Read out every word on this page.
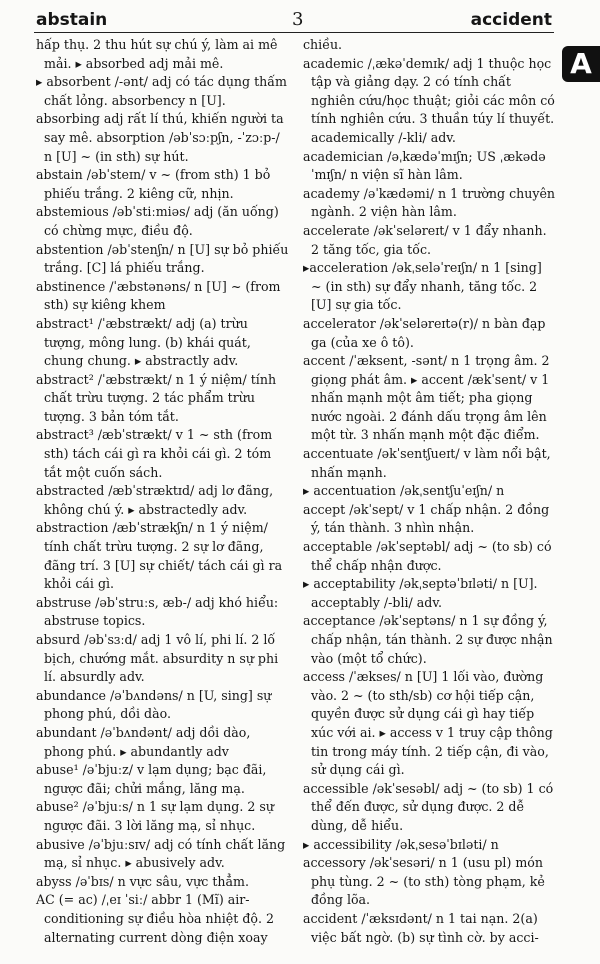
abstain	3	accident
A

hấp thụ. 2 thu hút sự chú ý, làm ai mê mải. ▸ absorbed adj mải mê.

▸ absorbent /-ənt/ adj có tác dụng thấm chất lỏng. absorbency n [U].

absorbing adj rất lí thú, khiến người ta say mê. absorption /əbˈsɔːpʃn, -ˈzɔːp-/ n [U] ~ (in sth) sự hút.

abstain /əbˈsteɪn/ v ~ (from sth) 1 bỏ phiếu trắng. 2 kiêng cữ, nhịn.

abstemious /əbˈstiːmiəs/ adj (ăn uống) có chừng mực, điều độ.

abstention /əbˈstenʃn/ n [U] sự bỏ phiếu trắng. [C] lá phiếu trắng.

abstinence /ˈæbstənəns/ n [U] ~ (from sth) sự kiêng khem

abstract¹ /ˈæbstrækt/ adj (a) trừu tượng, mông lung. (b) khái quát, chung chung. ▸ abstractly adv.

abstract² /ˈæbstrækt/ n 1 ý niệm/ tính chất trừu tượng. 2 tác phẩm trừu tượng. 3 bản tóm tắt.

abstract³ /æbˈstrækt/ v 1 ~ sth (from sth) tách cái gì ra khỏi cái gì. 2 tóm tắt một cuốn sách.

abstracted /æbˈstræktɪd/ adj lơ đãng, không chú ý. ▸ abstractedly adv.

abstraction /æbˈstrækʃn/ n 1 ý niệm/ tính chất trừu tượng. 2 sự lơ đãng, đãng trí. 3 [U] sự chiết/ tách cái gì ra khỏi cái gì.

abstruse /əbˈstruːs, æb-/ adj khó hiểu: abstruse topics.

absurd /əbˈsɜːd/ adj 1 vô lí, phi lí. 2 lố bịch, chướng mắt. absurdity n sự phi lí. absurdly adv.

abundance /əˈbʌndəns/ n [U, sing] sự phong phú, dồi dào.

abundant /əˈbʌndənt/ adj dồi dào, phong phú. ▸ abundantly adv

abuse¹ /əˈbjuːz/ v lạm dụng; bạc đãi, ngược đãi; chửi mắng, lăng mạ.

abuse² /əˈbjuːs/ n 1 sự lạm dụng. 2 sự ngược đãi. 3 lời lăng mạ, sỉ nhục.

abusive /əˈbjuːsɪv/ adj có tính chất lăng mạ, sỉ nhục. ▸ abusively adv.

abyss /əˈbɪs/ n vực sâu, vực thẳm.

AC (= ac) /ˌeɪ ˈsiː/ abbr 1 (Mĩ) air-conditioning sự điều hòa nhiệt độ. 2 alternating current dòng điện xoay

chiều.

academic /ˌækəˈdemɪk/ adj 1 thuộc học tập và giảng dạy. 2 có tính chất nghiên cứu/học thuật; giỏi các môn có tính nghiên cứu. 3 thuần túy lí thuyết. academically /-kli/ adv.

academician /əˌkædəˈmɪʃn; US ˌækədəˈmɪʃn/ n viện sĩ hàn lâm.

academy /əˈkædəmi/ n 1 trường chuyên ngành. 2 viện hàn lâm.

accelerate /əkˈseləreɪt/ v 1 đẩy nhanh. 2 tăng tốc, gia tốc.

▸acceleration /əkˌseləˈreɪʃn/ n 1 [sing] ~ (in sth) sự đẩy nhanh, tăng tốc. 2 [U] sự gia tốc.

accelerator /əkˈseləreɪtə(r)/ n bàn đạp ga (của xe ô tô).

accent /ˈæksent, -sənt/ n 1 trọng âm. 2 giọng phát âm. ▸ accent /ækˈsent/ v 1 nhấn mạnh một âm tiết; pha giọng nước ngoài. 2 đánh dấu trọng âm lên một từ. 3 nhấn mạnh một đặc điểm.

accentuate /əkˈsentʃueɪt/ v làm nổi bật, nhấn mạnh.

▸ accentuation /əkˌsentʃuˈeɪʃn/ n

accept /əkˈsept/ v 1 chấp nhận. 2 đồng ý, tán thành. 3 nhìn nhận.

acceptable /əkˈseptəbl/ adj ~ (to sb) có thể chấp nhận được.

▸ acceptability /əkˌseptəˈbɪləti/ n [U]. acceptably /-bli/ adv.

acceptance /əkˈseptəns/ n 1 sự đồng ý, chấp nhận, tán thành. 2 sự được nhận vào (một tổ chức).

access /ˈækses/ n [U] 1 lối vào, đường vào. 2 ~ (to sth/sb) cơ hội tiếp cận, quyền được sử dụng cái gì hay tiếp xúc với ai. ▸ access v 1 truy cập thông tin trong máy tính. 2 tiếp cận, đi vào, sử dụng cái gì.

accessible /əkˈsesəbl/ adj ~ (to sb) 1 có thể đến được, sử dụng được. 2 dễ dùng, dễ hiểu.

▸ accessibility /əkˌsesəˈbɪləti/ n

accessory /əkˈsesəri/ n 1 (usu pl) món phụ tùng. 2 ~ (to sth) tòng phạm, kẻ đồng lõa.

accident /ˈæksɪdənt/ n 1 tai nạn. 2(a) việc bất ngờ. (b) sự tình cờ. by acci-
